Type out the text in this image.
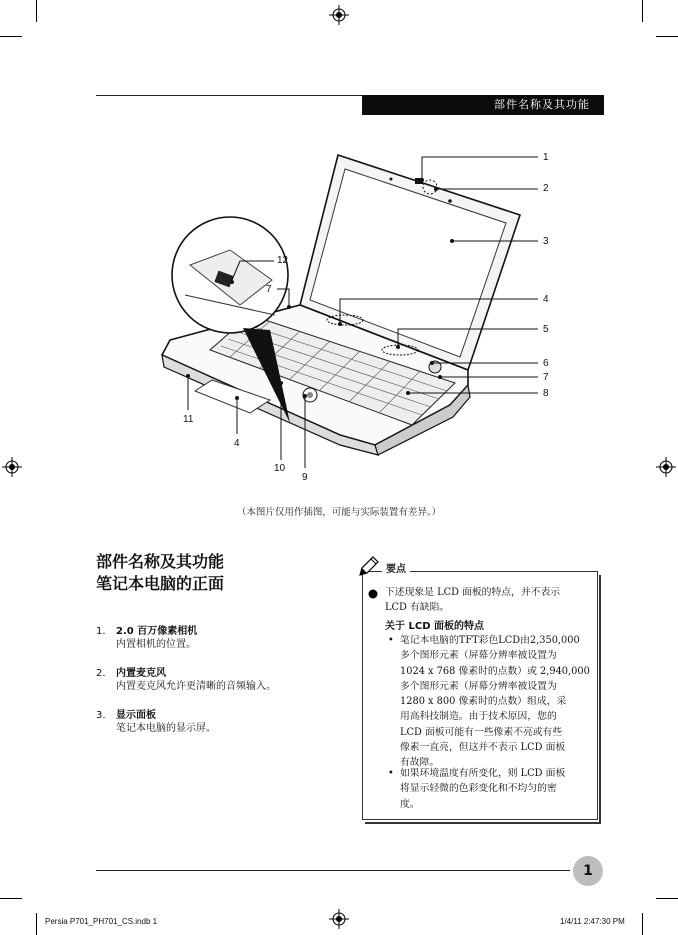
部件名称及其功能
1
2
3
4
5
6
7
8
9
10
11
4
7
12
（本图片仅用作插图，可能与实际装置有差异。）
部件名称及其功能
笔记本电脑的正面
1. 2.0 百万像素相机
内置相机的位置。
2. 内置麦克风
内置麦克风允许更清晰的音频输入。
3. 显示面板
笔记本电脑的显示屏。
要点
下述现象是 LCD 面板的特点，并不表示
LCD 有缺陷。
关于 LCD 面板的特点
• 笔记本电脑的TFT彩色LCD由2,350,000
多个图形元素（屏幕分辨率被设置为
1024 x 768 像素时的点数）或 2,940,000
多个图形元素（屏幕分辨率被设置为
1280 x 800 像素时的点数）组成，采
用高科技制造。由于技术原因，您的
LCD 面板可能有一些像素不亮或有些
像素一直亮，但这并不表示 LCD 面板
有故障。
• 如果环境温度有所变化，则 LCD 面板
将显示轻微的色彩变化和不均匀的密
度。
1
Persia P701_PH701_CS.indb 1	1/4/11 2:47:30 PM
